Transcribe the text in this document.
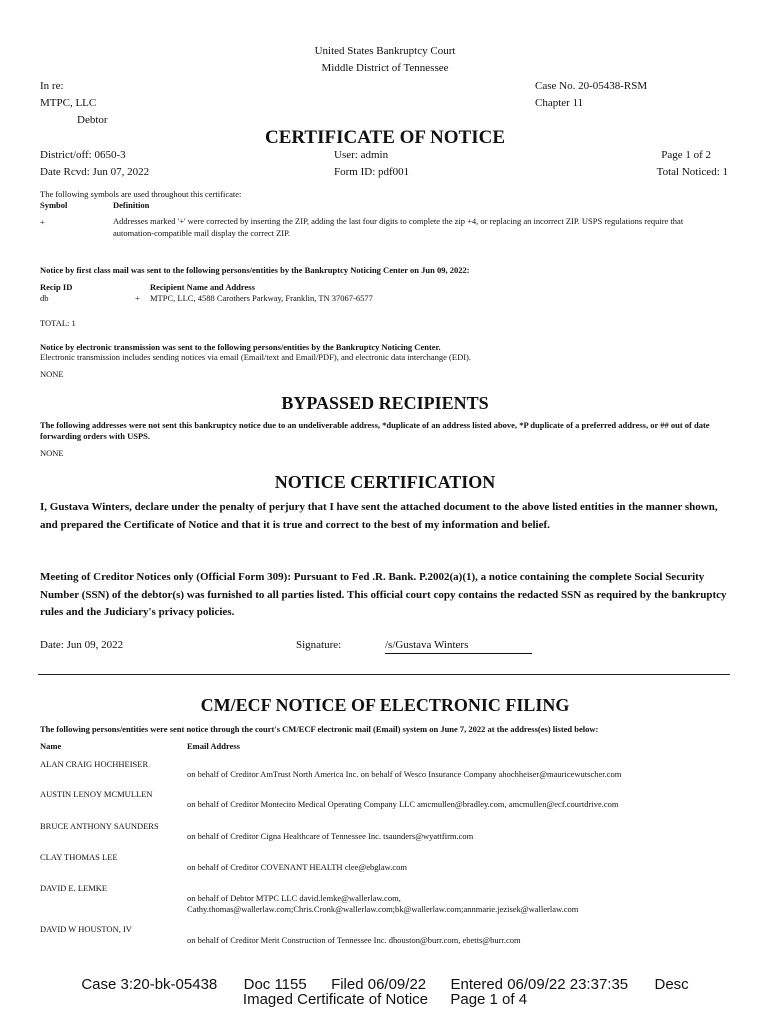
United States Bankruptcy Court
Middle District of Tennessee
In re:
MTPC, LLC
Debtor
Case No. 20-05438-RSM
Chapter 11
CERTIFICATE OF NOTICE
District/off: 0650-3
Date Rcvd: Jun 07, 2022
User: admin
Form ID: pdf001
Page 1 of 2
Total Noticed: 1
The following symbols are used throughout this certificate:
Symbol	Definition
+	Addresses marked '+' were corrected by inserting the ZIP, adding the last four digits to complete the zip +4, or replacing an incorrect ZIP. USPS regulations require that automation-compatible mail display the correct ZIP.
Notice by first class mail was sent to the following persons/entities by the Bankruptcy Noticing Center on Jun 09, 2022:
Recip ID	Recipient Name and Address
db	+ MTPC, LLC, 4588 Carothers Parkway, Franklin, TN 37067-6577
TOTAL: 1
Notice by electronic transmission was sent to the following persons/entities by the Bankruptcy Noticing Center.
Electronic transmission includes sending notices via email (Email/text and Email/PDF), and electronic data interchange (EDI).
NONE
BYPASSED RECIPIENTS
The following addresses were not sent this bankruptcy notice due to an undeliverable address, *duplicate of an address listed above, *P duplicate of a preferred address, or ## out of date forwarding orders with USPS.
NONE
NOTICE CERTIFICATION
I, Gustava Winters, declare under the penalty of perjury that I have sent the attached document to the above listed entities in the manner shown, and prepared the Certificate of Notice and that it is true and correct to the best of my information and belief.
Meeting of Creditor Notices only (Official Form 309): Pursuant to Fed .R. Bank. P.2002(a)(1), a notice containing the complete Social Security Number (SSN) of the debtor(s) was furnished to all parties listed. This official court copy contains the redacted SSN as required by the bankruptcy rules and the Judiciary's privacy policies.
Date: Jun 09, 2022	Signature:	/s/Gustava Winters
CM/ECF NOTICE OF ELECTRONIC FILING
The following persons/entities were sent notice through the court's CM/ECF electronic mail (Email) system on June 7, 2022 at the address(es) listed below:
Name	Email Address
ALAN CRAIG HOCHHEISER
on behalf of Creditor AmTrust North America Inc. on behalf of Wesco Insurance Company ahochheiser@mauricewutscher.com
AUSTIN LENOY MCMULLEN
on behalf of Creditor Montecito Medical Operating Company LLC amcmullen@bradley.com, amcmullen@ecf.courtdrive.com
BRUCE ANTHONY SAUNDERS
on behalf of Creditor Cigna Healthcare of Tennessee Inc. tsaunders@wyattfirm.com
CLAY THOMAS LEE
on behalf of Creditor COVENANT HEALTH clee@ebglaw.com
DAVID E. LEMKE
on behalf of Debtor MTPC LLC david.lemke@wallerlaw.com,
Cathy.thomas@wallerlaw.com;Chris.Cronk@wallerlaw.com;bk@wallerlaw.com;annmarie.jezisek@wallerlaw.com
DAVID W HOUSTON, IV
on behalf of Creditor Merit Construction of Tennessee Inc. dhouston@burr.com, ebetts@burr.com
Case 3:20-bk-05438 Doc 1155 Filed 06/09/22 Entered 06/09/22 23:37:35 Desc
Imaged Certificate of Notice Page 1 of 4
